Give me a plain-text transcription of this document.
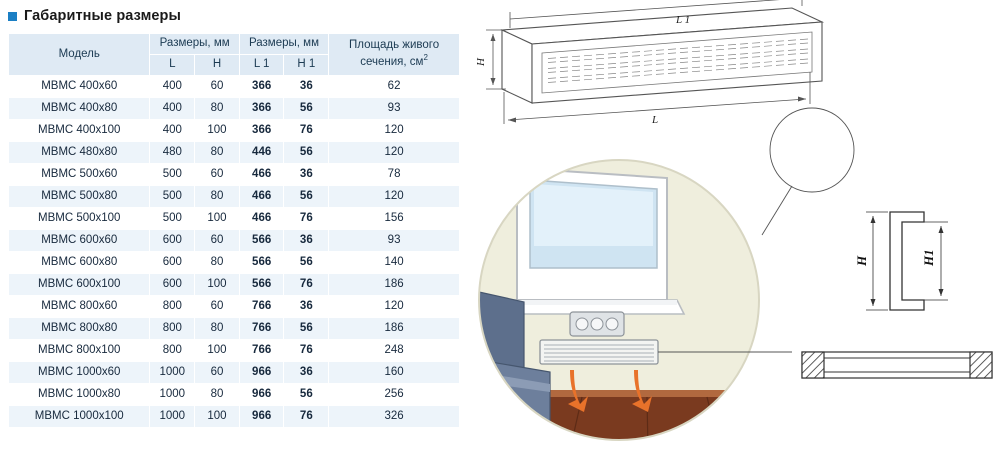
Габаритные размеры
Модель	Размеры, мм		Размеры, мм		Площадь живого сечения, $см^2$
	L	H	L 1	H 1	
МВМС 400x60	400	60	366	36	62
МВМС 400x80	400	80	366	56	93
МВМС 400x100	400	100	366	76	120
МВМС 480x80	480	80	446	56	120
МВМС 500x60	500	60	466	36	78
МВМС 500x80	500	80	466	56	120
МВМС 500x100	500	100	466	76	156
МВМС 600x60	600	60	566	36	93
МВМС 600x80	600	80	566	56	140
МВМС 600x100	600	100	566	76	186
МВМС 800x60	800	60	766	36	120
МВМС 800x80	800	80	766	56	186
МВМС 800x100	800	100	766	76	248
МВМС 1000x60	1000	60	966	36	160
МВМС 1000x80	1000	80	966	56	256
МВМС 1000x100	1000	100	966	76	326
L 1
L
H
H	H1
